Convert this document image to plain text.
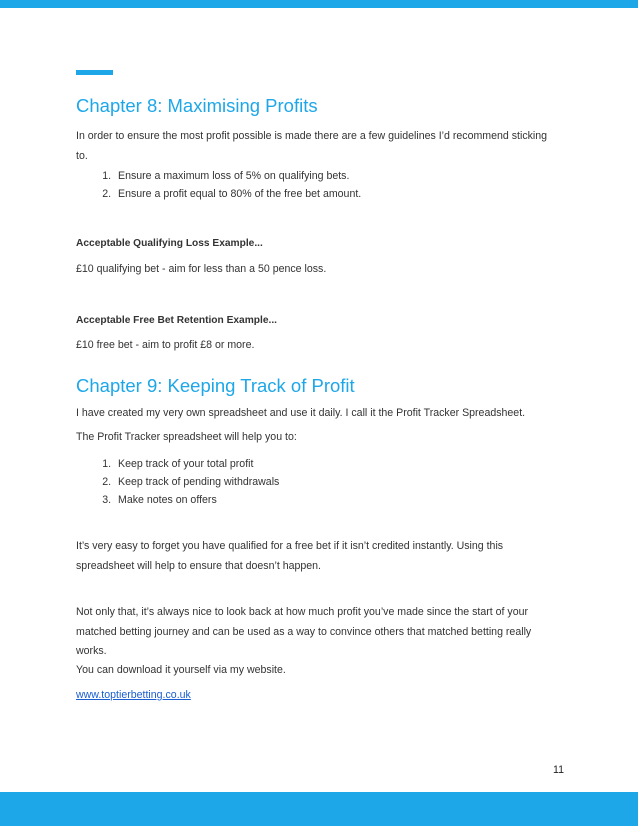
Chapter 8: Maximising Profits

In order to ensure the most profit possible is made there are a few guidelines I’d recommend sticking to.

1. Ensure a maximum loss of 5% on qualifying bets.
2. Ensure a profit equal to 80% of the free bet amount.

Acceptable Qualifying Loss Example...

£10 qualifying bet - aim for less than a 50 pence loss.

Acceptable Free Bet Retention Example...

£10 free bet - aim to profit £8 or more.

Chapter 9: Keeping Track of Profit

I have created my very own spreadsheet and use it daily. I call it the Profit Tracker Spreadsheet.

The Profit Tracker spreadsheet will help you to:

1. Keep track of your total profit
2. Keep track of pending withdrawals
3. Make notes on offers

It’s very easy to forget you have qualified for a free bet if it isn’t credited instantly. Using this spreadsheet will help to ensure that doesn’t happen.

Not only that, it’s always nice to look back at how much profit you’ve made since the start of your matched betting journey and can be used as a way to convince others that matched betting really works.

You can download it yourself via my website.

www.toptierbetting.co.uk

11
